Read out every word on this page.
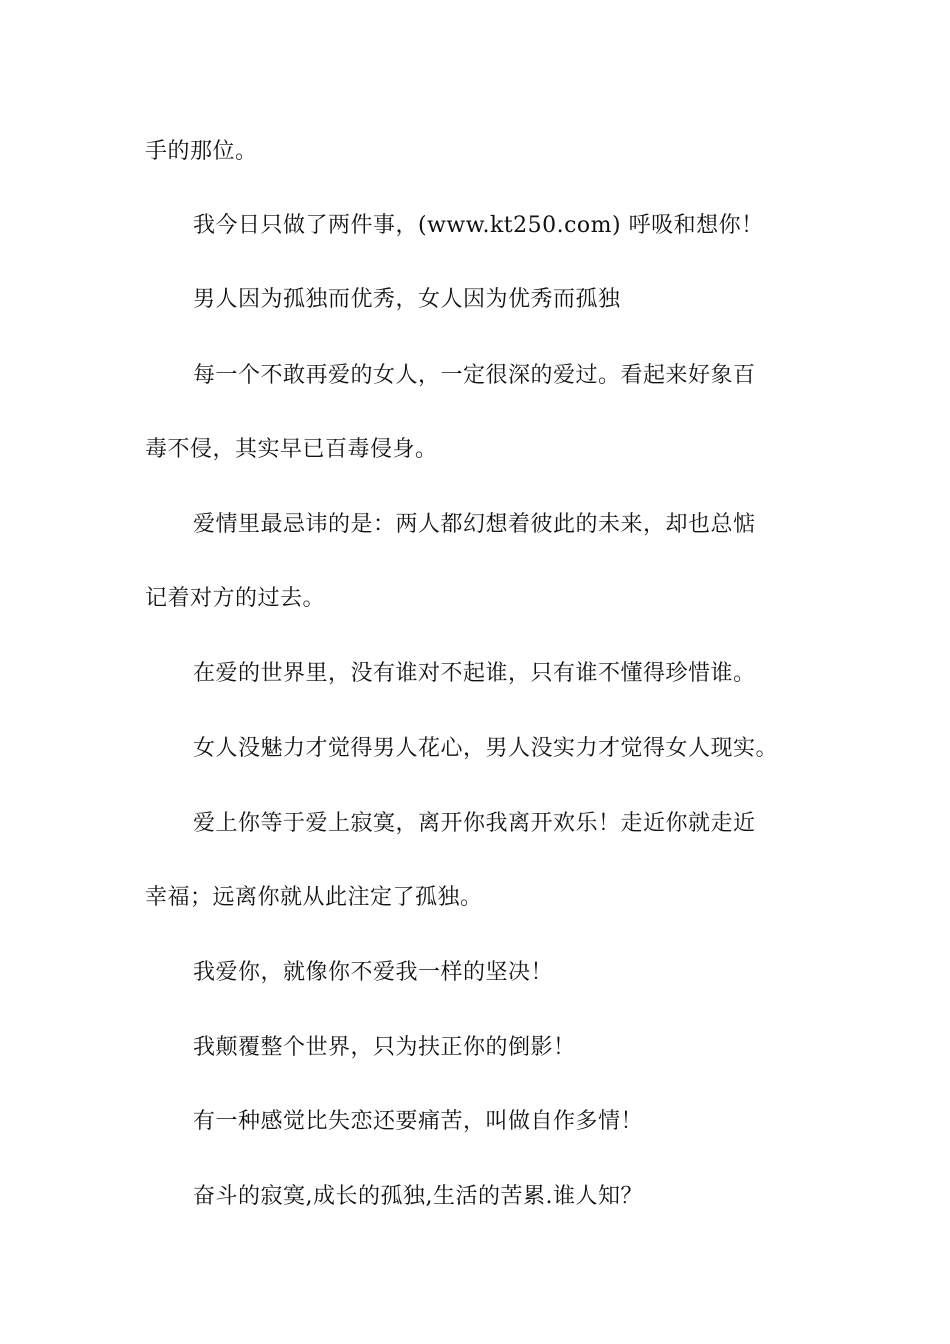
手的那位。
我今日只做了两件事，(www.kt250.com) 呼吸和想你！
男人因为孤独而优秀，女人因为优秀而孤独
每一个不敢再爱的女人，一定很深的爱过。看起来好象百
毒不侵，其实早已百毒侵身。
爱情里最忌讳的是：两人都幻想着彼此的未来，却也总惦
记着对方的过去。
在爱的世界里，没有谁对不起谁，只有谁不懂得珍惜谁。
女人没魅力才觉得男人花心，男人没实力才觉得女人现实。
爱上你等于爱上寂寞，离开你我离开欢乐！走近你就走近
幸福；远离你就从此注定了孤独。
我爱你，就像你不爱我一样的坚决！
我颠覆整个世界，只为扶正你的倒影！
有一种感觉比失恋还要痛苦，叫做自作多情！
奋斗的寂寞,成长的孤独,生活的苦累.谁人知？
